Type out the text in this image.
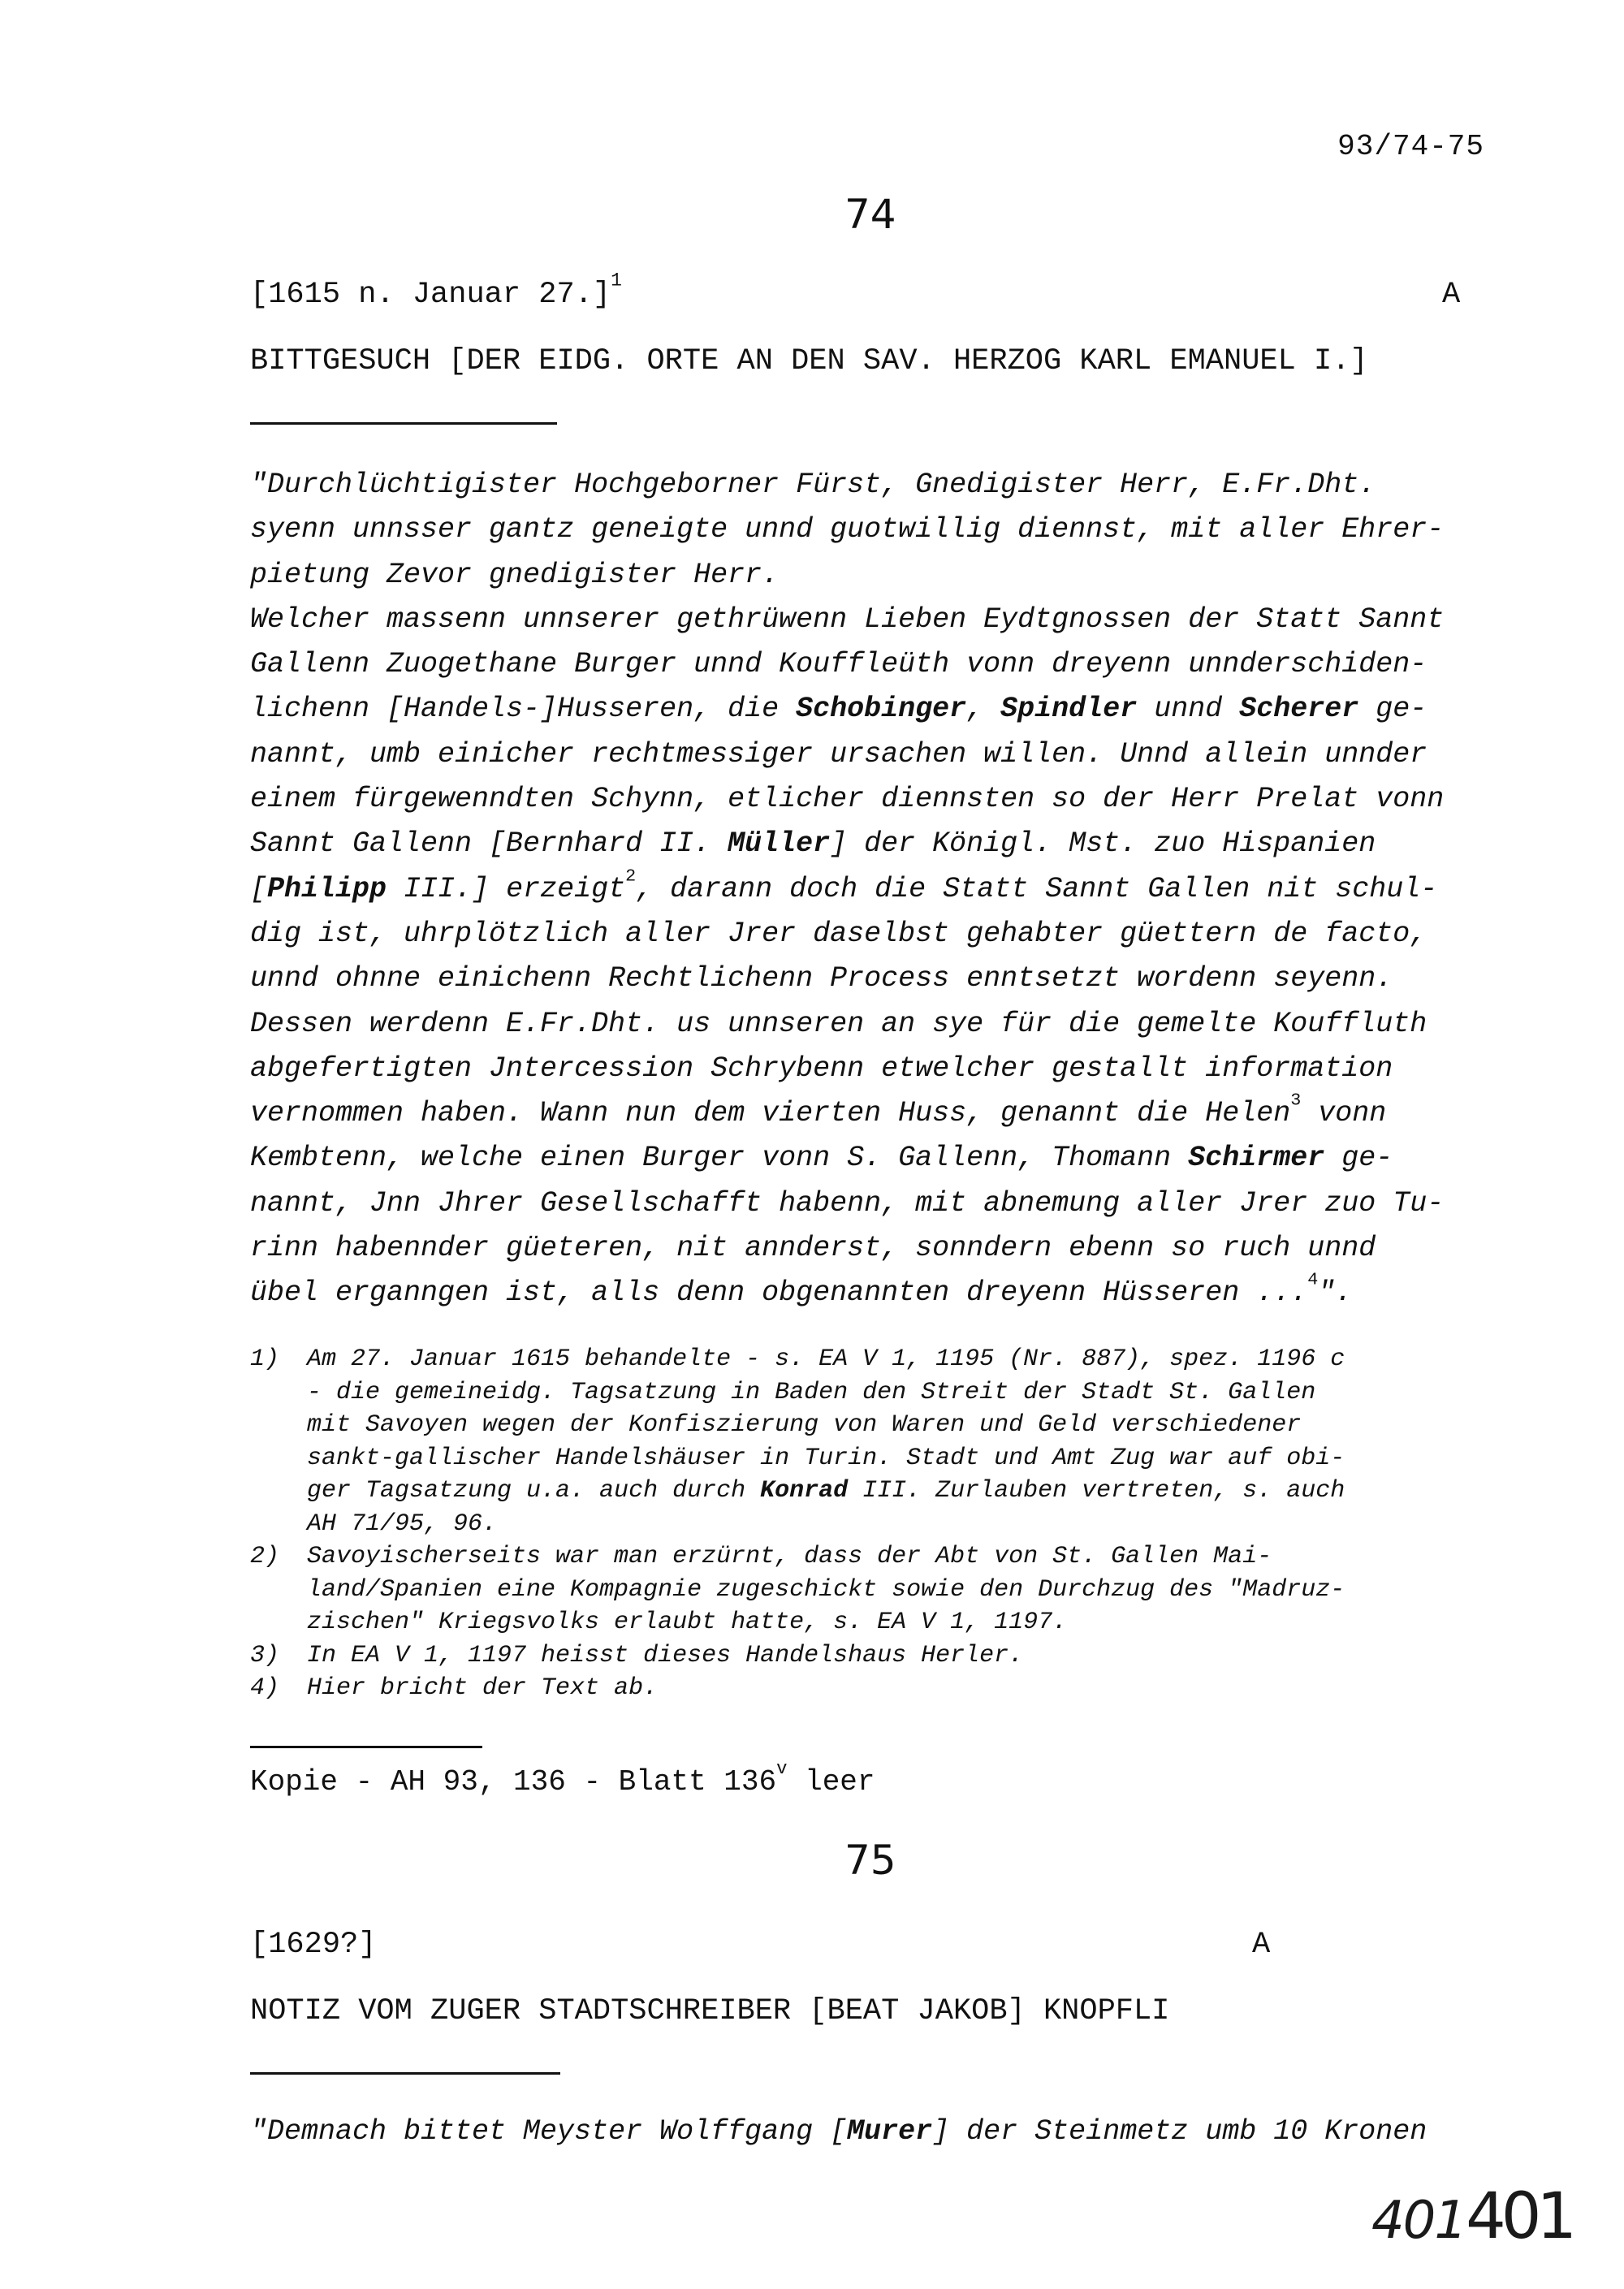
93/74-75
74
[1615 n. Januar 27.]$^1$	A
BITTGESUCH [DER EIDG. ORTE AN DEN SAV. HERZOG KARL EMANUEL I.]
"Durchlüchtigister Hochgeborner Fürst, Gnedigister Herr, E.Fr.Dht.
syenn unnsser gantz geneigte unnd guotwillig diennst, mit aller Ehrer-
pietung Zevor gnedigister Herr.
Welcher massenn unnserer gethrüwenn Lieben Eydtgnossen der Statt Sannt
Gallenn Zuogethane Burger unnd Kouffleüth vonn dreyenn unnderschiden-
lichenn [Handels-]Husseren, die Schobinger, Spindler unnd Scherer ge-
nannt, umb einicher rechtmessiger ursachen willen. Unnd allein unnder
einem fürgewenndten Schynn, etlicher diennsten so der Herr Prelat vonn
Sannt Gallenn [Bernhard II. Müller] der Königl. Mst. zuo Hispanien
[Philipp III.] erzeigt$^2$, darann doch die Statt Sannt Gallen nit schul-
dig ist, uhrplötzlich aller Jrer daselbst gehabter güettern de facto,
unnd ohnne einichenn Rechtlichenn Process enntsetzt wordenn seyenn.
Dessen werdenn E.Fr.Dht. us unnseren an sye für die gemelte Kouffluth
abgefertigten Jntercession Schrybenn etwelcher gestallt information
vernommen haben. Wann nun dem vierten Huss, genannt die Helen$^3$ vonn
Kembtenn, welche einen Burger vonn S. Gallenn, Thomann Schirmer ge-
nannt, Jnn Jhrer Gesellschafft habenn, mit abnemung aller Jrer zuo Tu-
rinn habennder güeteren, nit annderst, sonndern ebenn so ruch unnd
übel erganngen ist, alls denn obgenannten dreyenn Hüsseren ...$^4$".
1) Am 27. Januar 1615 behandelte - s. EA V 1, 1195 (Nr. 887), spez. 1196 c
- die gemeineidg. Tagsatzung in Baden den Streit der Stadt St. Gallen
mit Savoyen wegen der Konfiszierung von Waren und Geld verschiedener
sankt-gallischer Handelshäuser in Turin. Stadt und Amt Zug war auf obi-
ger Tagsatzung u.a. auch durch Konrad III. Zurlauben vertreten, s. auch
AH 71/95, 96.
2) Savoyischerseits war man erzürnt, dass der Abt von St. Gallen Mai-
land/Spanien eine Kompagnie zugeschickt sowie den Durchzug des "Madruz-
zischen" Kriegsvolks erlaubt hatte, s. EA V 1, 1197.
3) In EA V 1, 1197 heisst dieses Handelshaus Herler.
4) Hier bricht der Text ab.
Kopie - AH 93, 136 - Blatt 136$^v$ leer
75
[1629?]	A
NOTIZ VOM ZUGER STADTSCHREIBER [BEAT JAKOB] KNOPFLI
"Demnach bittet Meyster Wolffgang [Murer] der Steinmetz umb 10 Kronen
401401
